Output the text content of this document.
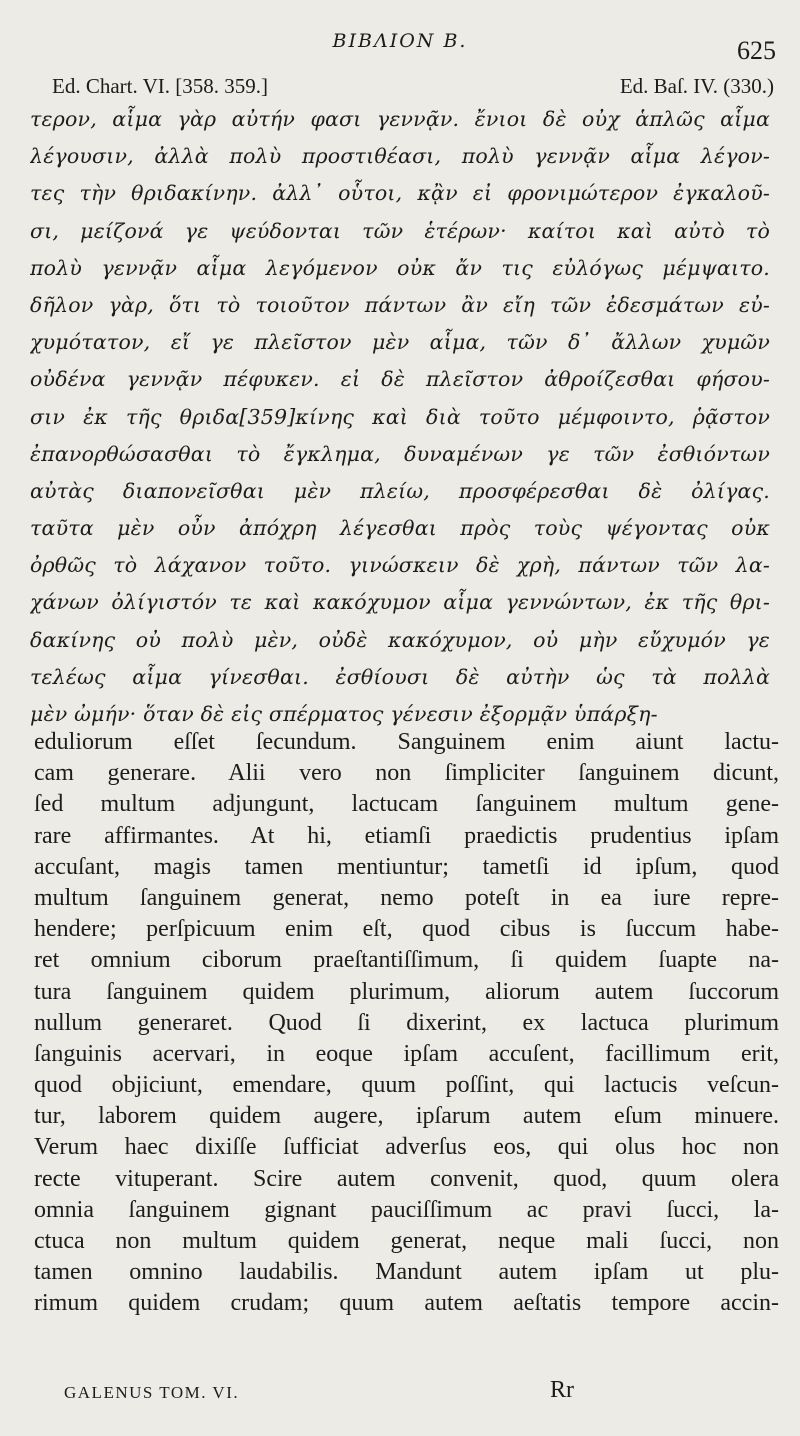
ΒΙΒΛΙΟΝ Β.	625
Ed. Chart. VI. [358. 359.]	Ed. Baſ. IV. (330.)
τερον, αἷμα γὰρ αὐτήν φασι γεννᾷν. ἔνιοι δὲ οὐχ ἁπλῶς αἷμα
λέγουσιν, ἀλλὰ πολὺ προστιθέασι, πολὺ γεννᾷν αἷμα λέγον-
τες τὴν θριδακίνην. ἀλλ᾽ οὗτοι, κᾂν εἰ φρονιμώτερον ἐγκαλοῦ-
σι, μείζονά γε ψεύδονται τῶν ἑτέρων· καίτοι καὶ αὐτὸ τὸ
πολὺ γεννᾷν αἷμα λεγόμενον οὐκ ἄν τις εὐλόγως μέμψαιτο.
δῆλον γὰρ, ὅτι τὸ τοιοῦτον πάντων ἂν εἴη τῶν ἐδεσμάτων εὐ-
χυμότατον, εἴ γε πλεῖστον μὲν αἷμα, τῶν δ᾽ ἄλλων χυμῶν
οὐδένα γεννᾷν πέφυκεν. εἰ δὲ πλεῖστον ἀθροίζεσθαι φήσου-
σιν ἐκ τῆς θριδα[359]κίνης καὶ διὰ τοῦτο μέμφοιντο, ῥᾷστον
ἐπανορθώσασθαι τὸ ἔγκλημα, δυναμένων γε τῶν ἐσθιόντων
αὐτὰς διαπονεῖσθαι μὲν πλείω, προσφέρεσθαι δὲ ὀλίγας.
ταῦτα μὲν οὖν ἀπόχρη λέγεσθαι πρὸς τοὺς ψέγοντας οὐκ
ὀρθῶς τὸ λάχανον τοῦτο. γινώσκειν δὲ χρὴ, πάντων τῶν λα-
χάνων ὀλίγιστόν τε καὶ κακόχυμον αἷμα γεννώντων, ἐκ τῆς θρι-
δακίνης οὐ πολὺ μὲν, οὐδὲ κακόχυμον, οὐ μὴν εὔχυμόν γε
τελέως αἷμα γίνεσθαι. ἐσθίουσι δὲ αὐτὴν ὡς τὰ πολλὰ
μὲν ὠμήν· ὅταν δὲ εἰς σπέρματος γένεσιν ἐξορμᾷν ὑπάρξη-
eduliorum eſſet ſecundum. Sanguinem enim aiunt lactu-
cam generare. Alii vero non ſimpliciter ſanguinem dicunt,
ſed multum adjungunt, lactucam ſanguinem multum gene-
rare affirmantes. At hi, etiamſi praedictis prudentius ipſam
accuſant, magis tamen mentiuntur; tametſi id ipſum, quod
multum ſanguinem generat, nemo poteſt in ea iure repre-
hendere; perſpicuum enim eſt, quod cibus is ſuccum habe-
ret omnium ciborum praeſtantiſſimum, ſi quidem ſuapte na-
tura ſanguinem quidem plurimum, aliorum autem ſuccorum
nullum generaret. Quod ſi dixerint, ex lactuca plurimum
ſanguinis acervari, in eoque ipſam accuſent, facillimum erit,
quod objiciunt, emendare, quum poſſint, qui lactucis veſcun-
tur, laborem quidem augere, ipſarum autem eſum minuere.
Verum haec dixiſſe ſufficiat adverſus eos, qui olus hoc non
recte vituperant. Scire autem convenit, quod, quum olera
omnia ſanguinem gignant pauciſſimum ac pravi ſucci, la-
ctuca non multum quidem generat, neque mali ſucci, non
tamen omnino laudabilis. Mandunt autem ipſam ut plu-
rimum quidem crudam; quum autem aeſtatis tempore accin-
GALENUS TOM. VI.	Rr
